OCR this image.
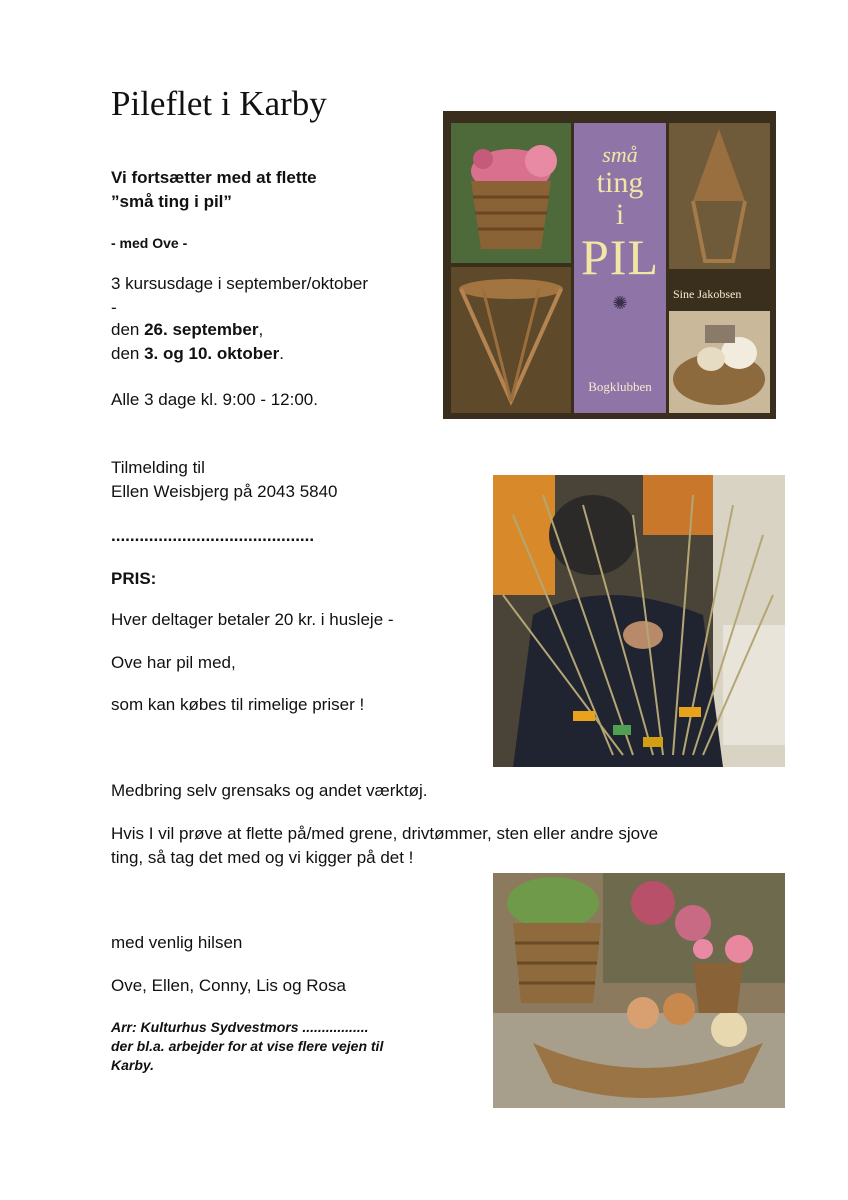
Pileflet i Karby

Vi fortsætter med at flette

”små ting i pil”

- med Ove -

3 kursusdage i september/oktober

-

den 26. september,

den 3. og 10. oktober.

Alle 3 dage kl. 9:00 - 12:00.

Tilmelding til

Ellen Weisbjerg på 2043 5840

...........................................

PRIS:

Hver deltager betaler 20 kr. i husleje -

Ove har pil med,

som kan købes til rimelige priser !

Medbring selv grensaks og andet værktøj.

Hvis I vil prøve at flette på/med grene, drivtømmer, sten eller andre sjove

ting, så tag det med og vi kigger på det !

med venlig hilsen

Ove, Ellen, Conny, Lis og Rosa

Arr: Kulturhus Sydvestmors .................

der bl.a. arbejder for at vise flere vejen til

Karby.

små
ting
i
PIL
✺
Bogklubben
Sine Jakobsen
